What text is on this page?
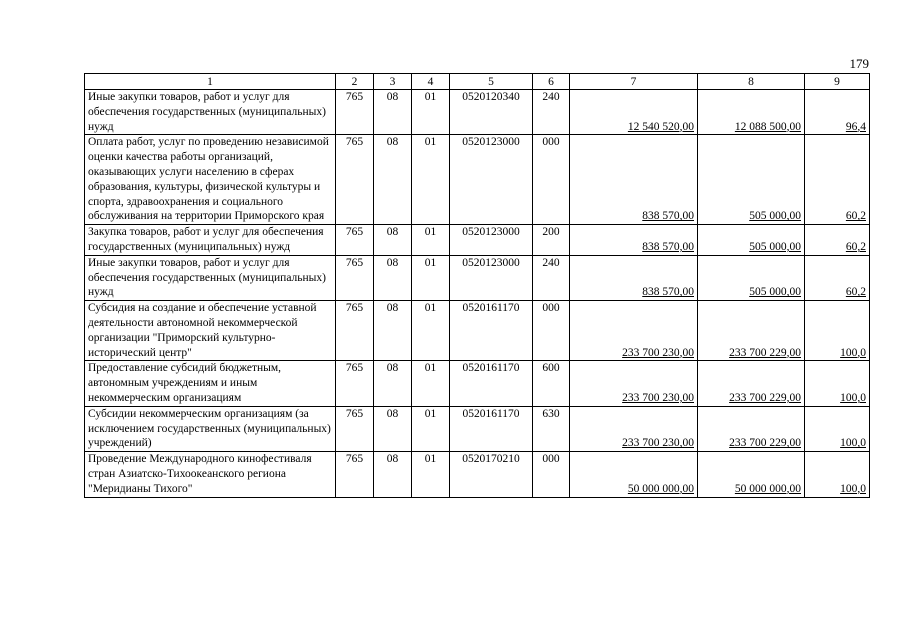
179
1	2	3	4	5	6	7	8	9
Иные закупки товаров, работ и услуг для обеспечения государственных (муниципальных) нужд	765	08	01	0520120340	240	12 540 520,00	12 088 500,00	96,4
Оплата работ, услуг по проведению независимой оценки качества работы организаций, оказывающих услуги населению в сферах образования, культуры, физической культуры и спорта, здравоохранения и социального обслуживания на территории Приморского края	765	08	01	0520123000	000	838 570,00	505 000,00	60,2
Закупка товаров, работ и услуг для обеспечения государственных (муниципальных) нужд	765	08	01	0520123000	200	838 570,00	505 000,00	60,2
Иные закупки товаров, работ и услуг для обеспечения государственных (муниципальных) нужд	765	08	01	0520123000	240	838 570,00	505 000,00	60,2
Субсидия на создание и обеспечение уставной деятельности автономной некоммерческой организации "Приморский культурно-исторический центр"	765	08	01	0520161170	000	233 700 230,00	233 700 229,00	100,0
Предоставление субсидий бюджетным, автономным учреждениям и иным некоммерческим организациям	765	08	01	0520161170	600	233 700 230,00	233 700 229,00	100,0
Субсидии некоммерческим организациям (за исключением государственных (муниципальных) учреждений)	765	08	01	0520161170	630	233 700 230,00	233 700 229,00	100,0
Проведение Международного кинофестиваля стран Азиатско-Тихоокеанского региона "Меридианы Тихого"	765	08	01	0520170210	000	50 000 000,00	50 000 000,00	100,0
